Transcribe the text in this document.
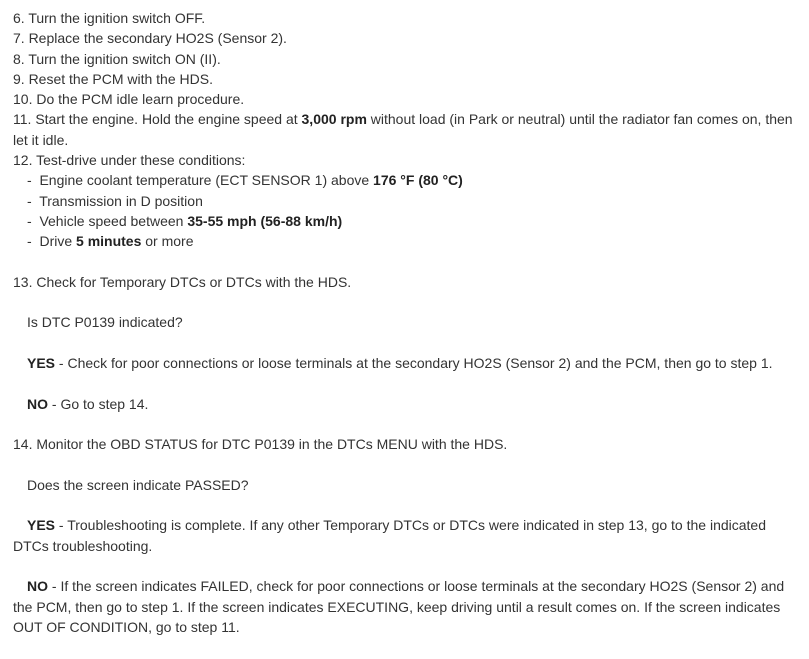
6. Turn the ignition switch OFF.
7. Replace the secondary HO2S (Sensor 2).
8. Turn the ignition switch ON (II).
9. Reset the PCM with the HDS.
10. Do the PCM idle learn procedure.
11. Start the engine. Hold the engine speed at 3,000 rpm without load (in Park or neutral) until the radiator fan comes on, then let it idle.
12. Test-drive under these conditions:
- Engine coolant temperature (ECT SENSOR 1) above 176 °F (80 °C)
- Transmission in D position
- Vehicle speed between 35-55 mph (56-88 km/h)
- Drive 5 minutes or more
13. Check for Temporary DTCs or DTCs with the HDS.
Is DTC P0139 indicated?
YES - Check for poor connections or loose terminals at the secondary HO2S (Sensor 2) and the PCM, then go to step 1.
NO - Go to step 14.
14. Monitor the OBD STATUS for DTC P0139 in the DTCs MENU with the HDS.
Does the screen indicate PASSED?
YES - Troubleshooting is complete. If any other Temporary DTCs or DTCs were indicated in step 13, go to the indicated DTCs troubleshooting.
NO - If the screen indicates FAILED, check for poor connections or loose terminals at the secondary HO2S (Sensor 2) and the PCM, then go to step 1. If the screen indicates EXECUTING, keep driving until a result comes on. If the screen indicates OUT OF CONDITION, go to step 11.
